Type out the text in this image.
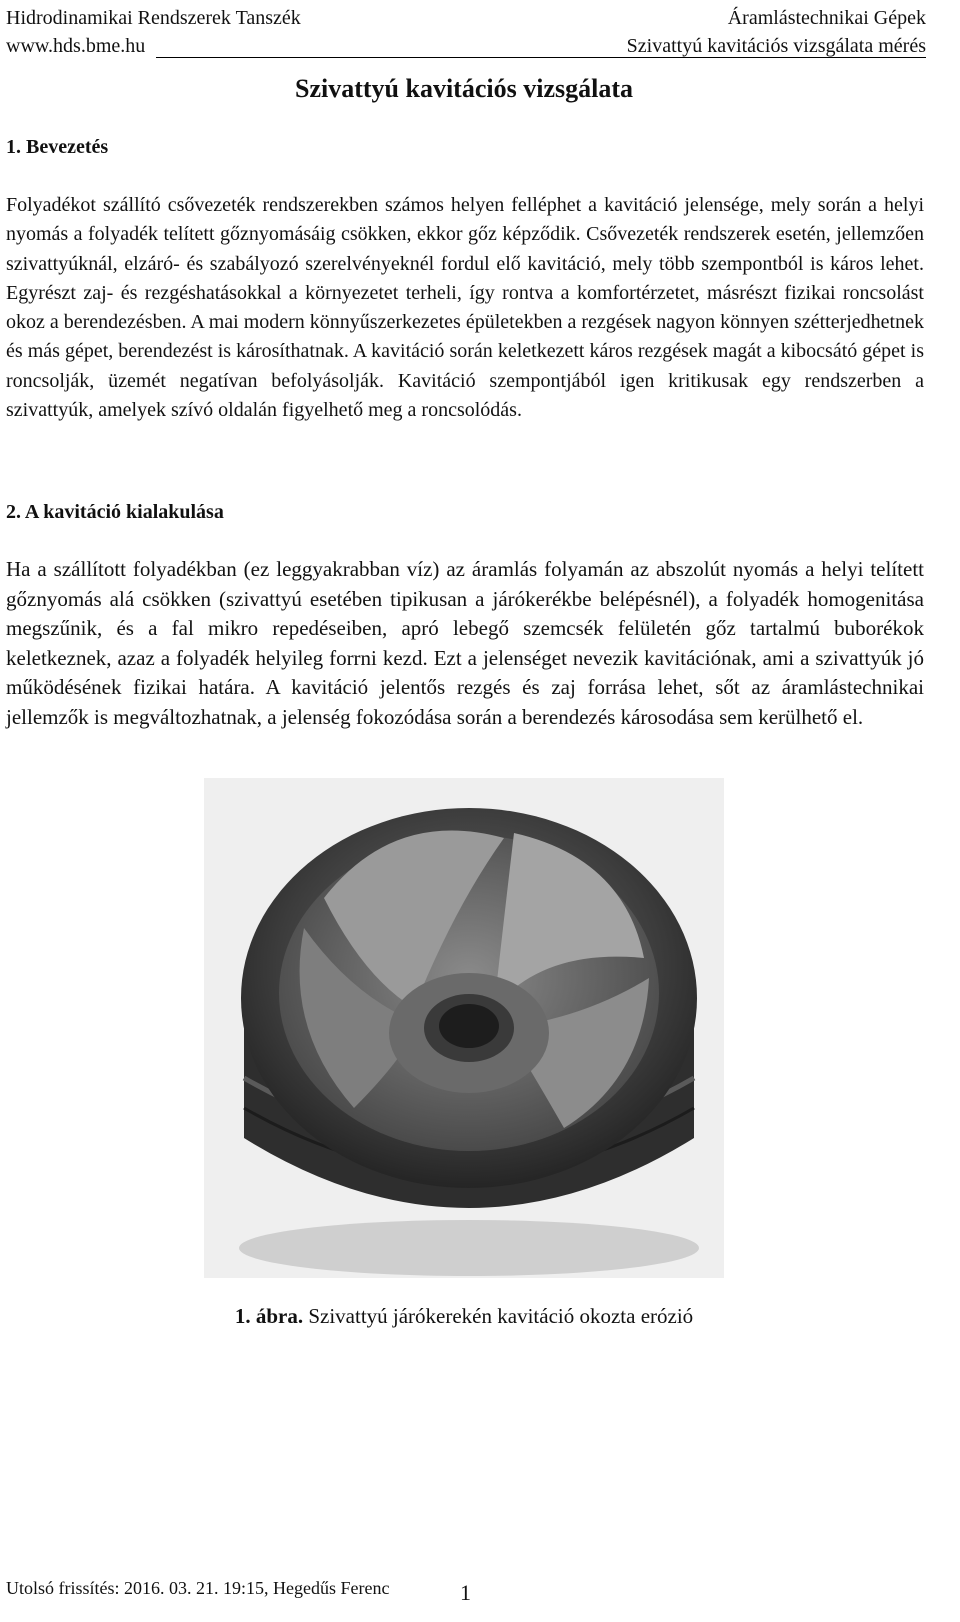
Hidrodinamikai Rendszerek Tanszék	Áramlástechnikai Gépek
www.hds.bme.hu	Szivattyú kavitációs vizsgálata mérés
Szivattyú kavitációs vizsgálata
1. Bevezetés

Folyadékot szállító csővezeték rendszerekben számos helyen felléphet a kavitáció jelensége, mely során a helyi nyomás a folyadék telített gőznyomásáig csökken, ekkor gőz képződik. Csővezeték rendszerek esetén, jellemzően szivattyúknál, elzáró- és szabályozó szerelvényeknél fordul elő kavitáció, mely több szempontból is káros lehet. Egyrészt zaj- és rezgéshatásokkal a környezetet terheli, így rontva a komfortérzetet, másrészt fizikai roncsolást okoz a berendezésben. A mai modern könnyűszerkezetes épületekben a rezgések nagyon könnyen szétterjedhetnek és más gépet, berendezést is károsíthatnak. A kavitáció során keletkezett káros rezgések magát a kibocsátó gépet is roncsolják, üzemét negatívan befolyásolják. Kavitáció szempontjából igen kritikusak egy rendszerben a szivattyúk, amelyek szívó oldalán figyelhető meg a roncsolódás.

2. A kavitáció kialakulása

Ha a szállított folyadékban (ez leggyakrabban víz) az áramlás folyamán az abszolút nyomás a helyi telített gőznyomás alá csökken (szivattyú esetében tipikusan a járókerékbe belépésnél), a folyadék homogenitása megszűnik, és a fal mikro repedéseiben, apró lebegő szemcsék felületén gőz tartalmú buborékok keletkeznek, azaz a folyadék helyileg forrni kezd. Ezt a jelenséget nevezik kavitációnak, ami a szivattyúk jó működésének fizikai határa. A kavitáció jelentős rezgés és zaj forrása lehet, sőt az áramlástechnikai jellemzők is megváltozhatnak, a jelenség fokozódása során a berendezés károsodása sem kerülhető el.

1. ábra. Szivattyú járókerekén kavitáció okozta erózió
Utolsó frissítés: 2016. 03. 21. 19:15, Hegedűs Ferenc	1
